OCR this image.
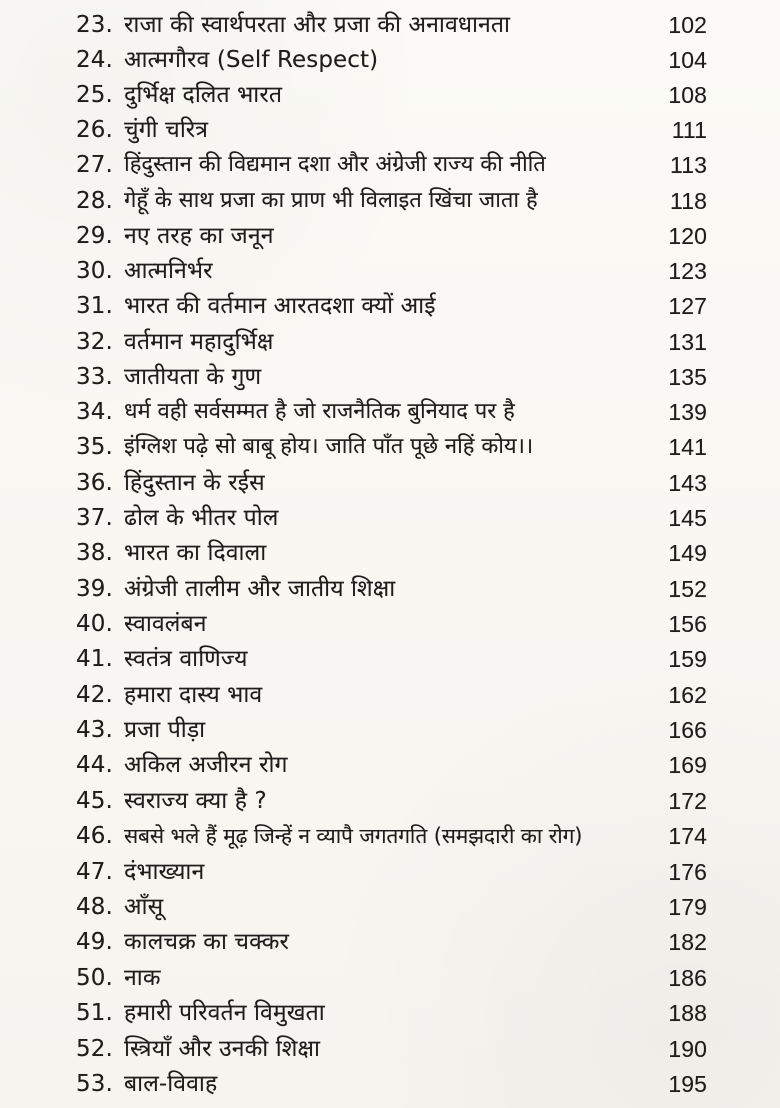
23. राजा की स्वार्थपरता और प्रजा की अनावधानता	102
24. आत्मगौरव (Self Respect)	104
25. दुर्भिक्ष दलित भारत	108
26. चुंगी चरित्र	111
27. हिंदुस्तान की विद्यमान दशा और अंग्रेजी राज्य की नीति	113
28. गेहूँ के साथ प्रजा का प्राण भी विलाइत खिंचा जाता है	118
29. नए तरह का जनून	120
30. आत्मनिर्भर	123
31. भारत की वर्तमान आरतदशा क्यों आई	127
32. वर्तमान महादुर्भिक्ष	131
33. जातीयता के गुण	135
34. धर्म वही सर्वसम्मत है जो राजनैतिक बुनियाद पर है	139
35. इंग्लिश पढ़े सो बाबू होय। जाति पाँत पूछे नहिं कोय।।	141
36. हिंदुस्तान के रईस	143
37. ढोल के भीतर पोल	145
38. भारत का दिवाला	149
39. अंग्रेजी तालीम और जातीय शिक्षा	152
40. स्वावलंबन	156
41. स्वतंत्र वाणिज्य	159
42. हमारा दास्य भाव	162
43. प्रजा पीड़ा	166
44. अकिल अजीरन रोग	169
45. स्वराज्य क्या है ?	172
46. सबसे भले हैं मूढ़ जिन्हें न व्यापै जगतगति (समझदारी का रोग)	174
47. दंभाख्यान	176
48. आँसू	179
49. कालचक्र का चक्कर	182
50. नाक	186
51. हमारी परिवर्तन विमुखता	188
52. स्त्रियाँ और उनकी शिक्षा	190
53. बाल-विवाह	195
